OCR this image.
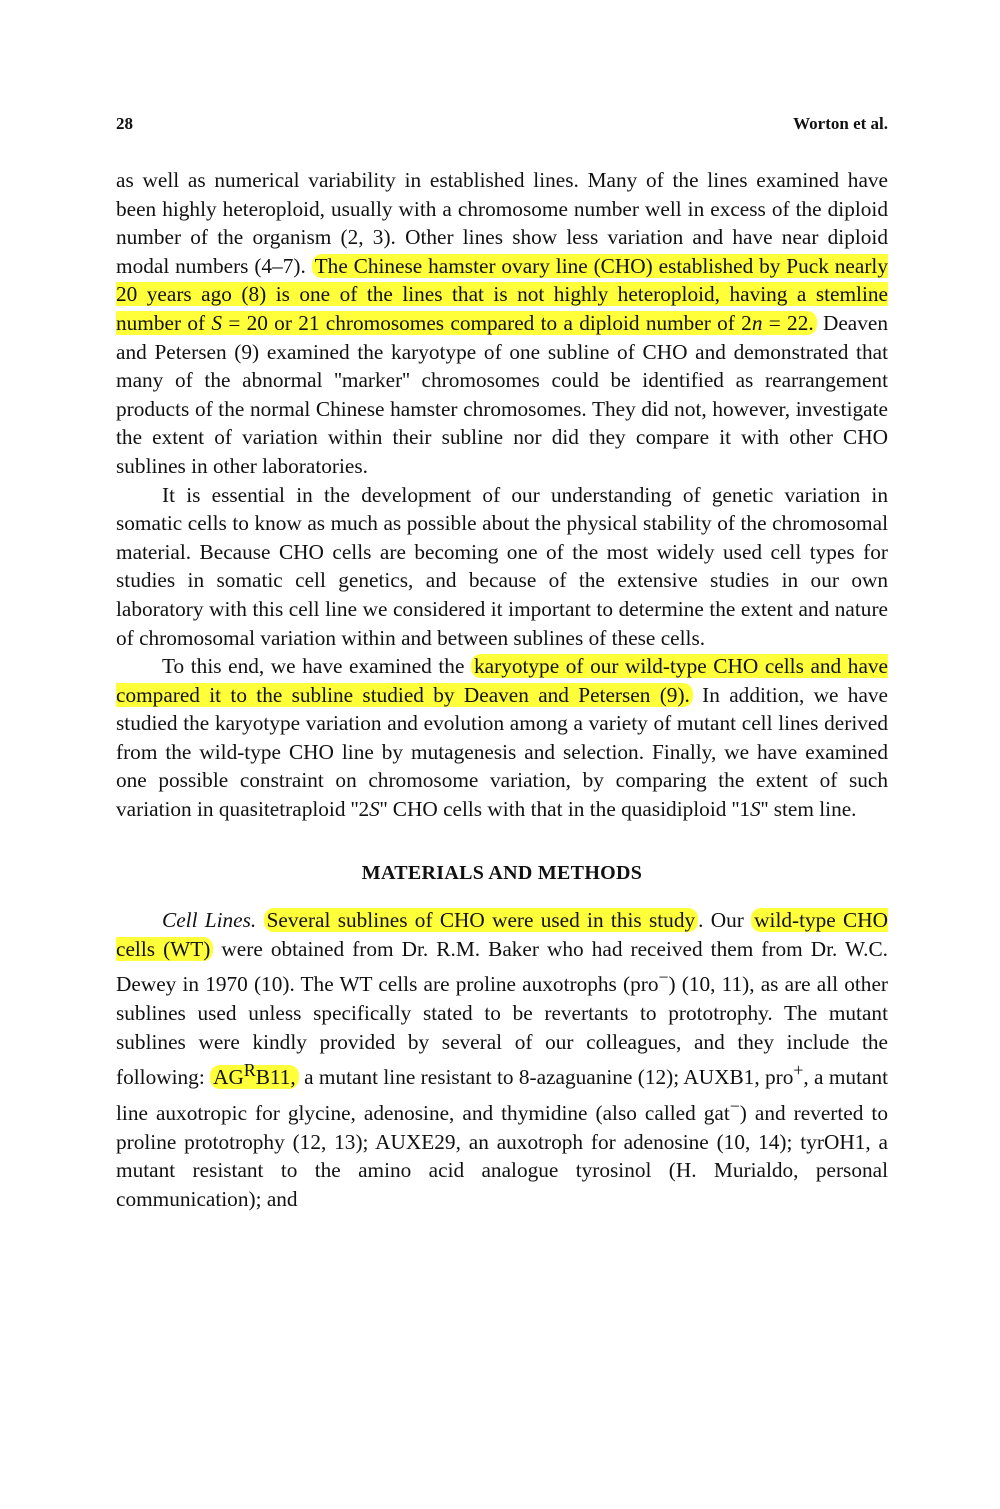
28	Worton et al.

as well as numerical variability in established lines. Many of the lines examined have been highly heteroploid, usually with a chromosome number well in excess of the diploid number of the organism (2, 3). Other lines show less variation and have near diploid modal numbers (4–7). The Chinese hamster ovary line (CHO) established by Puck nearly 20 years ago (8) is one of the lines that is not highly heteroploid, having a stemline number of S = 20 or 21 chromosomes compared to a diploid number of 2n = 22. Deaven and Petersen (9) examined the karyotype of one subline of CHO and demonstrated that many of the abnormal ''marker'' chromosomes could be identified as rearrangement products of the normal Chinese hamster chromosomes. They did not, however, investigate the extent of variation within their subline nor did they compare it with other CHO sublines in other laboratories.

It is essential in the development of our understanding of genetic variation in somatic cells to know as much as possible about the physical stability of the chromosomal material. Because CHO cells are becoming one of the most widely used cell types for studies in somatic cell genetics, and because of the extensive studies in our own laboratory with this cell line we considered it important to determine the extent and nature of chromosomal variation within and between sublines of these cells.

To this end, we have examined the karyotype of our wild-type CHO cells and have compared it to the subline studied by Deaven and Petersen (9). In addition, we have studied the karyotype variation and evolution among a variety of mutant cell lines derived from the wild-type CHO line by mutagenesis and selection. Finally, we have examined one possible constraint on chromosome variation, by comparing the extent of such variation in quasitetraploid ''2S'' CHO cells with that in the quasidiploid ''1S'' stem line.

MATERIALS AND METHODS

Cell Lines. Several sublines of CHO were used in this study . Our wild-type CHO cells (WT) were obtained from Dr. R.M. Baker who had received them from Dr. W.C. Dewey in 1970 (10). The WT cells are proline auxotrophs (pro−) (10, 11), as are all other sublines used unless specifically stated to be revertants to prototrophy. The mutant sublines were kindly provided by several of our colleagues, and they include the following: $AG^RB11$, a mutant line resistant to 8-azaguanine (12); AUXB1, pro+, a mutant line auxotropic for glycine, adenosine, and thymidine (also called gat−) and reverted to proline prototrophy (12, 13); AUXE29, an auxotroph for adenosine (10, 14); tyrOH1, a mutant resistant to the amino acid analogue tyrosinol (H. Murialdo, personal communication); and
